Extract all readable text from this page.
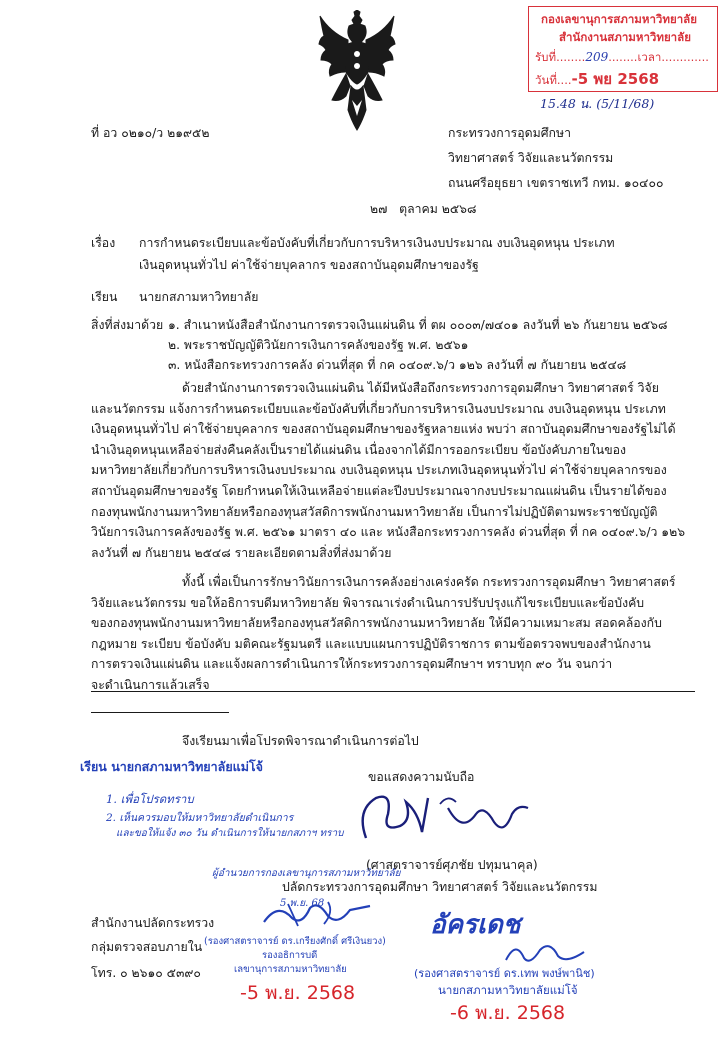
กองเลขานุการสภามหาวิทยาลัย
สำนักงานสภามหาวิทยาลัย
รับที่........209........เวลา.............
วันที่....-5 พย 2568
15.48 น. (5/11/68)
ที่ อว ๐๒๑๐/ว ๒๑๙๕๒	กระทรวงการอุดมศึกษา
วิทยาศาสตร์ วิจัยและนวัตกรรม
ถนนศรีอยุธยา เขตราชเทวี กทม. ๑๐๔๐๐
๒๗ ตุลาคม ๒๕๖๘
เรื่อง การกำหนดระเบียบและข้อบังคับที่เกี่ยวกับการบริหารเงินงบประมาณ งบเงินอุดหนุน ประเภท
เงินอุดหนุนทั่วไป ค่าใช้จ่ายบุคลากร ของสถาบันอุดมศึกษาของรัฐ
เรียน นายกสภามหาวิทยาลัย
สิ่งที่ส่งมาด้วย ๑. สำเนาหนังสือสำนักงานการตรวจเงินแผ่นดิน ที่ ตผ ๐๐๐๓/๗๔๐๑ ลงวันที่ ๒๖ กันยายน ๒๕๖๘
๒. พระราชบัญญัติวินัยการเงินการคลังของรัฐ พ.ศ. ๒๕๖๑
๓. หนังสือกระทรวงการคลัง ด่วนที่สุด ที่ กค ๐๔๐๙.๖/ว ๑๒๖ ลงวันที่ ๗ กันยายน ๒๕๔๘
ด้วยสำนักงานการตรวจเงินแผ่นดิน ได้มีหนังสือถึงกระทรวงการอุดมศึกษา วิทยาศาสตร์ วิจัย
และนวัตกรรม แจ้งการกำหนดระเบียบและข้อบังคับที่เกี่ยวกับการบริหารเงินงบประมาณ งบเงินอุดหนุน ประเภท
เงินอุดหนุนทั่วไป ค่าใช้จ่ายบุคลากร ของสถาบันอุดมศึกษาของรัฐหลายแห่ง พบว่า สถาบันอุดมศึกษาของรัฐไม่ได้
นำเงินอุดหนุนเหลือจ่ายส่งคืนคลังเป็นรายได้แผ่นดิน เนื่องจากได้มีการออกระเบียบ ข้อบังคับภายในของ
มหาวิทยาลัยเกี่ยวกับการบริหารเงินงบประมาณ งบเงินอุดหนุน ประเภทเงินอุดหนุนทั่วไป ค่าใช้จ่ายบุคลากรของ
สถาบันอุดมศึกษาของรัฐ โดยกำหนดให้เงินเหลือจ่ายแต่ละปีงบประมาณจากงบประมาณแผ่นดิน เป็นรายได้ของ
กองทุนพนักงานมหาวิทยาลัยหรือกองทุนสวัสดิการพนักงานมหาวิทยาลัย เป็นการไม่ปฏิบัติตามพระราชบัญญัติ
วินัยการเงินการคลังของรัฐ พ.ศ. ๒๕๖๑ มาตรา ๔๐ และ หนังสือกระทรวงการคลัง ด่วนที่สุด ที่ กค ๐๔๐๙.๖/ว ๑๒๖
ลงวันที่ ๗ กันยายน ๒๕๔๘ รายละเอียดตามสิ่งที่ส่งมาด้วย
ทั้งนี้ เพื่อเป็นการรักษาวินัยการเงินการคลังอย่างเคร่งครัด กระทรวงการอุดมศึกษา วิทยาศาสตร์
วิจัยและนวัตกรรม ขอให้อธิการบดีมหาวิทยาลัย พิจารณาเร่งดำเนินการปรับปรุงแก้ไขระเบียบและข้อบังคับ
ของกองทุนพนักงานมหาวิทยาลัยหรือกองทุนสวัสดิการพนักงานมหาวิทยาลัย ให้มีความเหมาะสม สอดคล้องกับ
กฎหมาย ระเบียบ ข้อบังคับ มติคณะรัฐมนตรี และแบบแผนการปฏิบัติราชการ ตามข้อตรวจพบของสำนักงาน
การตรวจเงินแผ่นดิน และแจ้งผลการดำเนินการให้กระทรวงการอุดมศึกษาฯ ทราบทุก ๙๐ วัน จนกว่า
จะดำเนินการแล้วเสร็จ
จึงเรียนมาเพื่อโปรดพิจารณาดำเนินการต่อไป
เรียน นายกสภามหาวิทยาลัยแม่โจ้
1. เพื่อโปรดทราบ
2. เห็นควรมอบให้มหาวิทยาลัยดำเนินการ
และขอให้แจ้ง ๓๐ วัน ดำเนินการให้นายกสภาฯ ทราบ
ผู้อำนวยการกองเลขานุการสภามหาวิทยาลัย
5 พ.ย. 68
(รองศาสตราจารย์ ดร.เกรียงศักดิ์ ศรีเงินยวง)
รองอธิการบดี
เลขานุการสภามหาวิทยาลัย
-5 พ.ย. 2568
ขอแสดงความนับถือ
(ศาสตราจารย์ศุภชัย ปทุมนาคุล)
ปลัดกระทรวงการอุดมศึกษา วิทยาศาสตร์ วิจัยและนวัตกรรม
สำนักงานปลัดกระทรวง
กลุ่มตรวจสอบภายใน
โทร. ๐ ๒๖๑๐ ๕๓๙๐
อัครเดช
(รองศาสตราจารย์ ดร.เทพ พงษ์พานิช)
นายกสภามหาวิทยาลัยแม่โจ้
-6 พ.ย. 2568
